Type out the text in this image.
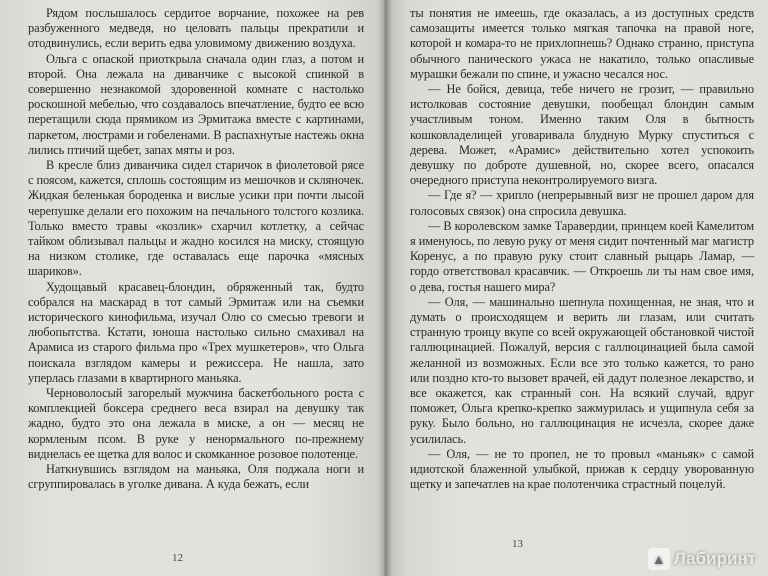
Рядом послышалось сердитое ворчание, похожее на рев разбуженного медведя, но целовать пальцы прекратили и отодвинулись, если верить едва уловимому движению воздуха.

Ольга с опаской приоткрыла сначала один глаз, а потом и второй. Она лежала на диванчике с высокой спинкой в совершенно незнакомой здоровенной комнате с настолько роскошной мебелью, что создавалось впечатление, будто ее всю перетащили сюда прямиком из Эрмитажа вместе с картинами, паркетом, люстрами и гобеленами. В распахнутые настежь окна лились птичий щебет, запах мяты и роз.

В кресле близ диванчика сидел старичок в фиолетовой рясе с поясом, кажется, сплошь состоящим из мешочков и скляночек. Жидкая беленькая бороденка и вислые усики при почти лысой черепушке делали его похожим на печального толстого козлика. Только вместо травы «козлик» схарчил котлетку, а сейчас тайком облизывал пальцы и жадно косился на миску, стоящую на низком столике, где оставалась еще парочка «мясных шариков».

Худощавый красавец-блондин, обряженный так, будто собрался на маскарад в тот самый Эрмитаж или на съемки исторического кинофильма, изучал Олю со смесью тревоги и любопытства. Кстати, юноша настолько сильно смахивал на Арамиса из старого фильма про «Трех мушкетеров», что Ольга поискала взглядом камеры и режиссера. Не нашла, зато уперлась глазами в квартирного маньяка.

Черноволосый загорелый мужчина баскетбольного роста с комплекцией боксера среднего веса взирал на девушку так жадно, будто это она лежала в миске, а он — месяц не кормленым псом. В руке у ненормального по-прежнему виднелась ее щетка для волос и скомканное розовое полотенце.

Наткнувшись взглядом на маньяка, Оля поджала ноги и сгруппировалась в уголке дивана. А куда бежать, если

12

ты понятия не имеешь, где оказалась, а из доступных средств самозащиты имеется только мягкая тапочка на правой ноге, которой и комара-то не прихлопнешь? Однако странно, приступа обычного панического ужаса не накатило, только опасливые мурашки бежали по спине, и ужасно чесался нос.

— Не бойся, девица, тебе ничего не грозит, — правильно истолковав состояние девушки, пообещал блондин самым участливым тоном. Именно таким Оля в бытность кошковладелицей уговаривала блудную Мурку спуститься с дерева. Может, «Арамис» действительно хотел успокоить девушку по доброте душевной, но, скорее всего, опасался очередного приступа неконтролируемого визга.

— Где я? — хрипло (непрерывный визг не прошел даром для голосовых связок) она спросила девушка.

— В королевском замке Таравердии, принцем коей Камелитом я именуюсь, по левую руку от меня сидит почтенный маг магистр Коренус, а по правую руку стоит славный рыцарь Ламар, — гордо ответствовал красавчик. — Откроешь ли ты нам свое имя, о дева, гостья нашего мира?

— Оля, — машинально шепнула похищенная, не зная, что и думать о происходящем и верить ли глазам, или считать странную троицу вкупе со всей окружающей обстановкой чистой галлюцинацией. Пожалуй, версия с галлюцинацией была самой желанной из возможных. Если все это только кажется, то рано или поздно кто-то вызовет врачей, ей дадут полезное лекарство, и все окажется, как странный сон. На всякий случай, вдруг поможет, Ольга крепко-крепко зажмурилась и ущипнула себя за руку. Было больно, но галлюцинация не исчезла, скорее даже усилилась.

— Оля, — не то пропел, не то провыл «маньяк» с самой идиотской блаженной улыбкой, прижав к сердцу уворованную щетку и запечатлев на крае полотенчика страстный поцелуй.

13
▲ Лабиринт
